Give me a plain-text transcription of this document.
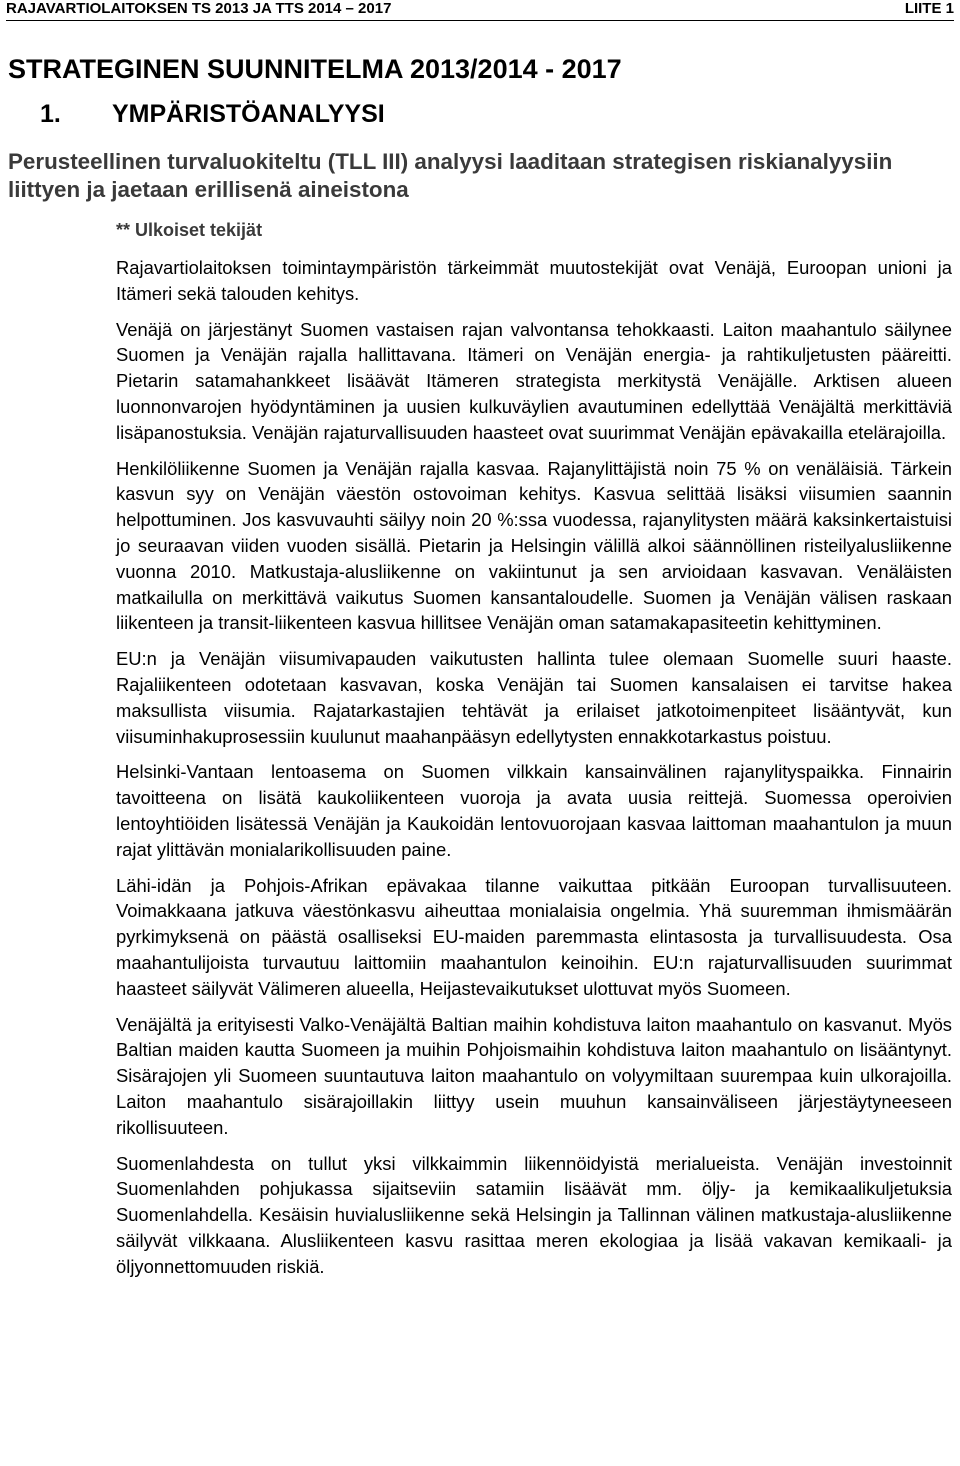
RAJAVARTIOLAITOKSEN TS 2013 JA TTS 2014 – 2017	LIITE 1
STRATEGINEN SUUNNITELMA 2013/2014 - 2017
1. YMPÄRISTÖANALYYSI
Perusteellinen turvaluokiteltu (TLL III) analyysi laaditaan strategisen riskianalyysiin liittyen ja jaetaan erillisenä aineistona
** Ulkoiset tekijät

Rajavartiolaitoksen toimintaympäristön tärkeimmät muutostekijät ovat Venäjä, Euroopan unioni ja Itämeri sekä talouden kehitys.

Venäjä on järjestänyt Suomen vastaisen rajan valvontansa tehokkaasti. Laiton maahantulo säilynee Suomen ja Venäjän rajalla hallittavana. Itämeri on Venäjän energia- ja rahtikuljetusten pääreitti. Pietarin satamahankkeet lisäävät Itämeren strategista merkitystä Venäjälle. Arktisen alueen luonnonvarojen hyödyntäminen ja uusien kulkuväylien avautuminen edellyttää Venäjältä merkittäviä lisäpanostuksia. Venäjän rajaturvallisuuden haasteet ovat suurimmat Venäjän epävakailla etelärajoilla.

Henkilöliikenne Suomen ja Venäjän rajalla kasvaa. Rajanylittäjistä noin 75 % on venäläisiä. Tärkein kasvun syy on Venäjän väestön ostovoiman kehitys. Kasvua selittää lisäksi viisumien saannin helpottuminen. Jos kasvuvauhti säilyy noin 20 %:ssa vuodessa, rajanylitysten määrä kaksinkertaistuisi jo seuraavan viiden vuoden sisällä. Pietarin ja Helsingin välillä alkoi säännöllinen risteilyalusliikenne vuonna 2010. Matkustaja-alusliikenne on vakiintunut ja sen arvioidaan kasvavan. Venäläisten matkailulla on merkittävä vaikutus Suomen kansantaloudelle. Suomen ja Venäjän välisen raskaan liikenteen ja transit-liikenteen kasvua hillitsee Venäjän oman satamakapasiteetin kehittyminen.

EU:n ja Venäjän viisumivapauden vaikutusten hallinta tulee olemaan Suomelle suuri haaste. Rajaliikenteen odotetaan kasvavan, koska Venäjän tai Suomen kansalaisen ei tarvitse hakea maksullista viisumia. Rajatarkastajien tehtävät ja erilaiset jatkotoimenpiteet lisääntyvät, kun viisuminhakuprosessiin kuulunut maahanpääsyn edellytysten ennakkotarkastus poistuu.

Helsinki-Vantaan lentoasema on Suomen vilkkain kansainvälinen rajanylityspaikka. Finnairin tavoitteena on lisätä kaukoliikenteen vuoroja ja avata uusia reittejä. Suomessa operoivien lentoyhtiöiden lisätessä Venäjän ja Kaukoidän lentovuorojaan kasvaa laittoman maahantulon ja muun rajat ylittävän monialarikollisuuden paine.

Lähi-idän ja Pohjois-Afrikan epävakaa tilanne vaikuttaa pitkään Euroopan turvallisuuteen. Voimakkaana jatkuva väestönkasvu aiheuttaa monialaisia ongelmia. Yhä suuremman ihmismäärän pyrkimyksenä on päästä osalliseksi EU-maiden paremmasta elintasosta ja turvallisuudesta. Osa maahantulijoista turvautuu laittomiin maahantulon keinoihin. EU:n rajaturvallisuuden suurimmat haasteet säilyvät Välimeren alueella, Heijastevaikutukset ulottuvat myös Suomeen.

Venäjältä ja erityisesti Valko-Venäjältä Baltian maihin kohdistuva laiton maahantulo on kasvanut. Myös Baltian maiden kautta Suomeen ja muihin Pohjoismaihin kohdistuva laiton maahantulo on lisääntynyt. Sisärajojen yli Suomeen suuntautuva laiton maahantulo on volyymiltaan suurempaa kuin ulkorajoilla. Laiton maahantulo sisärajoillakin liittyy usein muuhun kansainväliseen järjestäytyneeseen rikollisuuteen.

Suomenlahdesta on tullut yksi vilkkaimmin liikennöidyistä merialueista. Venäjän investoinnit Suomenlahden pohjukassa sijaitseviin satamiin lisäävät mm. öljy- ja kemikaalikuljetuksia Suomenlahdella. Kesäisin huvialusliikenne sekä Helsingin ja Tallinnan välinen matkustaja-alusliikenne säilyvät vilkkaana. Alusliikenteen kasvu rasittaa meren ekologiaa ja lisää vakavan kemikaali- ja öljyonnettomuuden riskiä.
